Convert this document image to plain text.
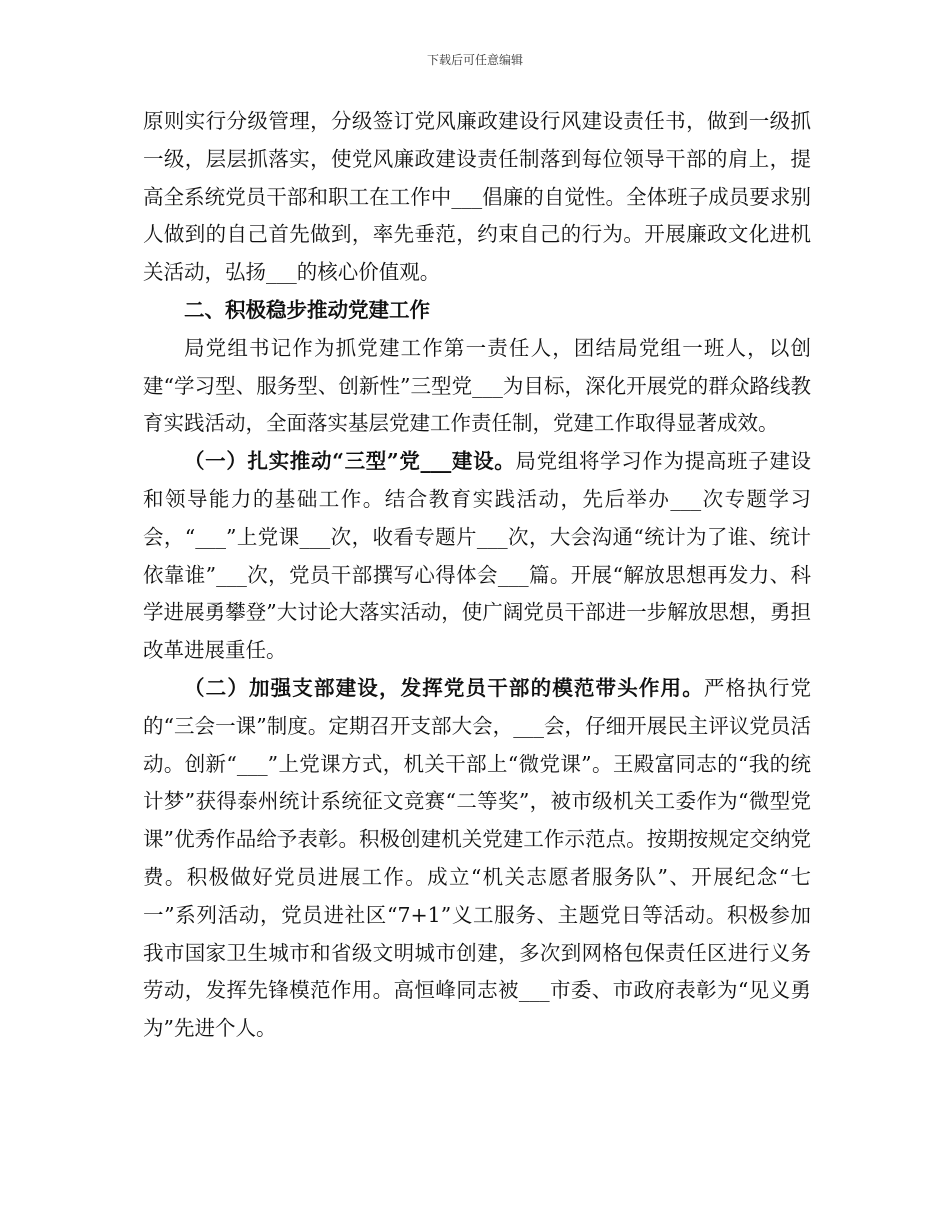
下载后可任意编辑

原则实行分级管理，分级签订党风廉政建设行风建设责任书，做到一级抓一级，层层抓落实，使党风廉政建设责任制落到每位领导干部的肩上，提高全系统党员干部和职工在工作中___倡廉的自觉性。全体班子成员要求别人做到的自己首先做到，率先垂范，约束自己的行为。开展廉政文化进机关活动，弘扬___的核心价值观。

二、积极稳步推动党建工作

局党组书记作为抓党建工作第一责任人，团结局党组一班人，以创建“学习型、服务型、创新性”三型党___为目标，深化开展党的群众路线教育实践活动，全面落实基层党建工作责任制，党建工作取得显著成效。

（一）扎实推动“三型”党___建设。局党组将学习作为提高班子建设和领导能力的基础工作。结合教育实践活动，先后举办___次专题学习会，“___”上党课___次，收看专题片___次，大会沟通“统计为了谁、统计依靠谁”___次，党员干部撰写心得体会___篇。开展“解放思想再发力、科学进展勇攀登”大讨论大落实活动，使广阔党员干部进一步解放思想，勇担改革进展重任。

（二）加强支部建设，发挥党员干部的模范带头作用。严格执行党的“三会一课”制度。定期召开支部大会，___会，仔细开展民主评议党员活动。创新“___”上党课方式，机关干部上“微党课”。王殿富同志的“我的统计梦”获得泰州统计系统征文竞赛“二等奖”，被市级机关工委作为“微型党课”优秀作品给予表彰。积极创建机关党建工作示范点。按期按规定交纳党费。积极做好党员进展工作。成立“机关志愿者服务队”、开展纪念“七一”系列活动，党员进社区“7+1”义工服务、主题党日等活动。积极参加我市国家卫生城市和省级文明城市创建，多次到网格包保责任区进行义务劳动，发挥先锋模范作用。高恒峰同志被___市委、市政府表彰为“见义勇为”先进个人。
